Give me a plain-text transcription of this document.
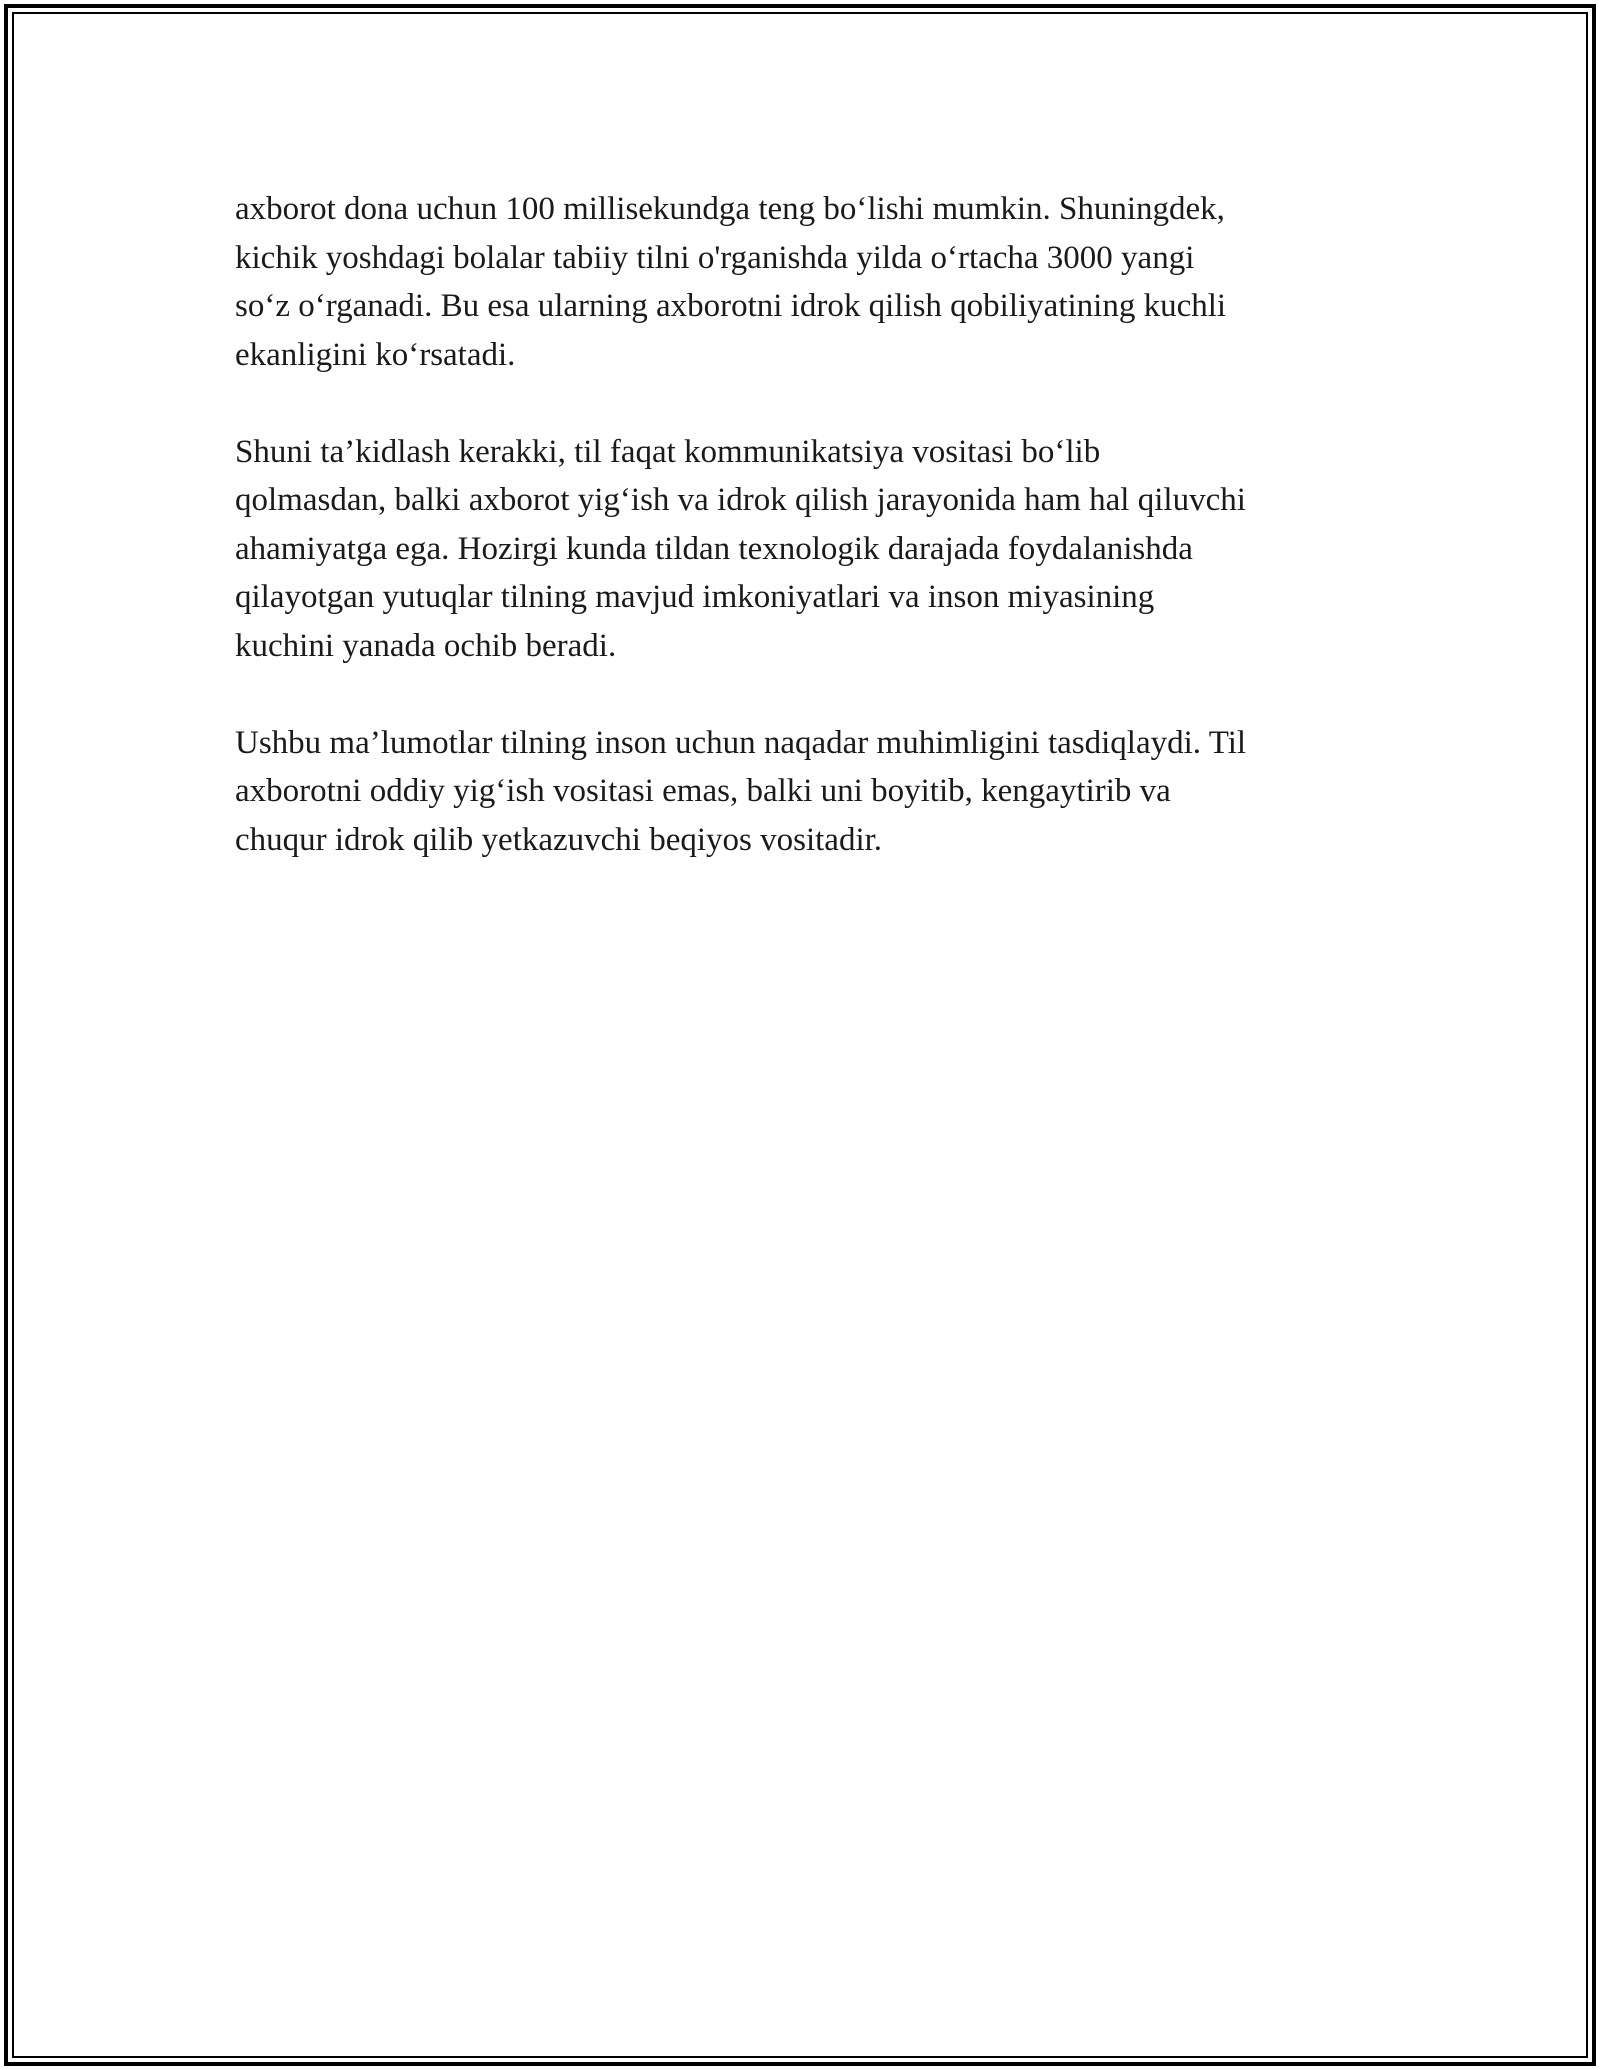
axborot dona uchun 100 millisekundga teng bo‘lishi mumkin. Shuningdek,
kichik yoshdagi bolalar tabiiy tilni o'rganishda yilda o‘rtacha 3000 yangi
so‘z o‘rganadi. Bu esa ularning axborotni idrok qilish qobiliyatining kuchli
ekanligini ko‘rsatadi.

Shuni ta’kidlash kerakki, til faqat kommunikatsiya vositasi bo‘lib
qolmasdan, balki axborot yig‘ish va idrok qilish jarayonida ham hal qiluvchi
ahamiyatga ega. Hozirgi kunda tildan texnologik darajada foydalanishda
qilayotgan yutuqlar tilning mavjud imkoniyatlari va inson miyasining
kuchini yanada ochib beradi.

Ushbu ma’lumotlar tilning inson uchun naqadar muhimligini tasdiqlaydi. Til
axborotni oddiy yig‘ish vositasi emas, balki uni boyitib, kengaytirib va
chuqur idrok qilib yetkazuvchi beqiyos vositadir.
